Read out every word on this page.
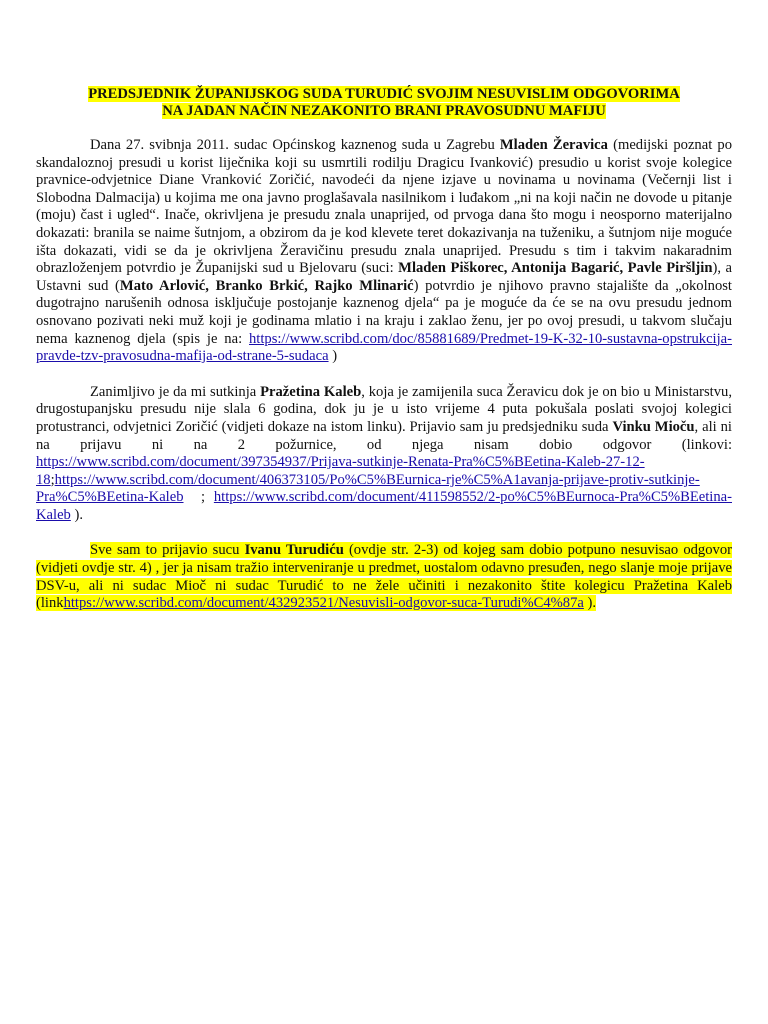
PREDSJEDNIK ŽUPANIJSKOG SUDA TURUDIĆ SVOJIM NESUVISLIM ODGOVORIMA
NA JADAN NAČIN NEZAKONITO BRANI PRAVOSUDNU MAFIJU

Dana 27. svibnja 2011. sudac Općinskog kaznenog suda u Zagrebu Mladen Žeravica (medijski poznat po skandaloznoj presudi u korist liječnika koji su usmrtili rodilju Dragicu Ivanković) presudio u korist svoje kolegice pravnice-odvjetnice Diane Vranković Zoričić, navodeći da njene izjave u novinama u novinama (Večernji list i Slobodna Dalmacija) u kojima me ona javno proglašavala nasilnikom i luđakom „ni na koji način ne dovode u pitanje (moju) čast i ugled“. Inače, okrivljena je presudu znala unaprijed, od prvoga dana što mogu i neosporno materijalno dokazati: branila se naime šutnjom, a obzirom da je kod klevete teret dokazivanja na tuženiku, a šutnjom nije moguće išta dokazati, vidi se da je okrivljena Žeravičinu presudu znala unaprijed. Presudu s tim i takvim nakaradnim obrazloženjem potvrdio je Županijski sud u Bjelovaru (suci: Mladen Piškorec, Antonija Bagarić, Pavle Piršljin), a Ustavni sud (Mato Arlović, Branko Brkić, Rajko Mlinarić) potvrdio je njihovo pravno stajalište da „okolnost dugotrajno narušenih odnosa isključuje postojanje kaznenog djela“ pa je moguće da će se na ovu presudu jednom osnovano pozivati neki muž koji je godinama mlatio i na kraju i zaklao ženu, jer po ovoj presudi, u takvom slučaju nema kaznenog djela (spis je na: https://www.scribd.com/doc/85881689/Predmet-19-K-32-10-sustavna-opstrukcija-pravde-tzv-pravosudna-mafija-od-strane-5-sudaca )

Zanimljivo je da mi sutkinja Pražetina Kaleb, koja je zamijenila suca Žeravicu dok je on bio u Ministarstvu, drugostupanjsku presudu nije slala 6 godina, dok ju je u isto vrijeme 4 puta pokušala poslati svojoj kolegici protustranci, odvjetnici Zoričić (vidjeti dokaze na istom linku). Prijavio sam ju predsjedniku suda Vinku Mioču, ali ni na prijavu ni na 2 požurnice, od njega nisam dobio odgovor (linkovi: https://www.scribd.com/document/397354937/Prijava-sutkinje-Renata-Pra%C5%BEetina-Kaleb-27-12-18;https://www.scribd.com/document/406373105/Po%C5%BEurnica-rje%C5%A1avanja-prijave-protiv-sutkinje-Pra%C5%BEetina-Kaleb    ;  https://www.scribd.com/document/411598552/2-po%C5%BEurnoca-Pra%C5%BEetina-Kaleb ).

Sve sam to prijavio sucu Ivanu Turudiću (ovdje str. 2-3) od kojeg sam dobio potpuno nesuvisao odgovor (vidjeti ovdje str. 4) , jer ja nisam tražio interveniranje u predmet, uostalom odavno presuđen, nego slanje moje prijave DSV-u, ali ni sudac Mioč ni sudac Turudić to ne žele učiniti i nezakonito štite kolegicu Pražetina Kaleb (linkhttps://www.scribd.com/document/432923521/Nesuvisli-odgovor-suca-Turudi%C4%87a ).
